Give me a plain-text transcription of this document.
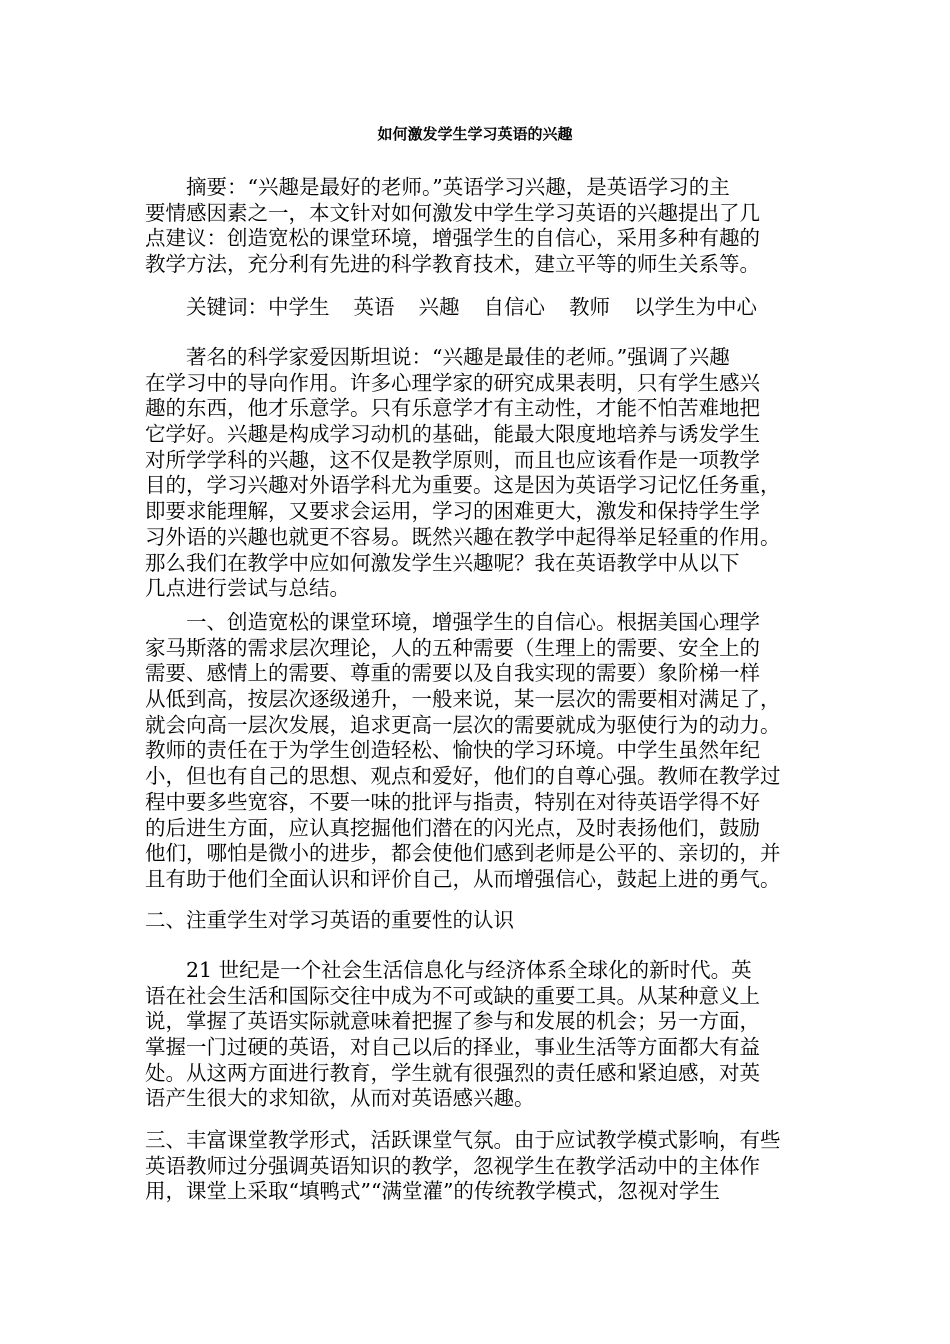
如何激发学生学习英语的兴趣
　　摘要：“兴趣是最好的老师。”英语学习兴趣，是英语学习的主
要情感因素之一，本文针对如何激发中学生学习英语的兴趣提出了几
点建议：创造宽松的课堂环境，增强学生的自信心，采用多种有趣的
教学方法，充分利有先进的科学教育技术，建立平等的师生关系等。
　　关键词：中学生 英语 兴趣 自信心 教师 以学生为中心
　　著名的科学家爱因斯坦说：“兴趣是最佳的老师。”强调了兴趣
在学习中的导向作用。许多心理学家的研究成果表明，只有学生感兴
趣的东西，他才乐意学。只有乐意学才有主动性，才能不怕苦难地把
它学好。兴趣是构成学习动机的基础，能最大限度地培养与诱发学生
对所学学科的兴趣，这不仅是教学原则，而且也应该看作是一项教学
目的，学习兴趣对外语学科尤为重要。这是因为英语学习记忆任务重，
即要求能理解，又要求会运用，学习的困难更大，激发和保持学生学
习外语的兴趣也就更不容易。既然兴趣在教学中起得举足轻重的作用。
那么我们在教学中应如何激发学生兴趣呢？我在英语教学中从以下
几点进行尝试与总结。
　　一、创造宽松的课堂环境，增强学生的自信心。根据美国心理学
家马斯落的需求层次理论，人的五种需要（生理上的需要、安全上的
需要、感情上的需要、尊重的需要以及自我实现的需要）象阶梯一样
从低到高，按层次逐级递升，一般来说，某一层次的需要相对满足了，
就会向高一层次发展，追求更高一层次的需要就成为驱使行为的动力。
教师的责任在于为学生创造轻松、愉快的学习环境。中学生虽然年纪
小，但也有自己的思想、观点和爱好，他们的自尊心强。教师在教学过
程中要多些宽容，不要一味的批评与指责，特别在对待英语学得不好
的后进生方面，应认真挖掘他们潜在的闪光点，及时表扬他们，鼓励
他们，哪怕是微小的进步，都会使他们感到老师是公平的、亲切的，并
且有助于他们全面认识和评价自己，从而增强信心，鼓起上进的勇气。
二、注重学生对学习英语的重要性的认识
　　21 世纪是一个社会生活信息化与经济体系全球化的新时代。英
语在社会生活和国际交往中成为不可或缺的重要工具。从某种意义上
说，掌握了英语实际就意味着把握了参与和发展的机会；另一方面，
掌握一门过硬的英语，对自己以后的择业，事业生活等方面都大有益
处。从这两方面进行教育，学生就有很强烈的责任感和紧迫感，对英
语产生很大的求知欲，从而对英语感兴趣。
三、丰富课堂教学形式，活跃课堂气氛。由于应试教学模式影响，有些
英语教师过分强调英语知识的教学，忽视学生在教学活动中的主体作
用，课堂上采取“填鸭式”“满堂灌”的传统教学模式，忽视对学生
